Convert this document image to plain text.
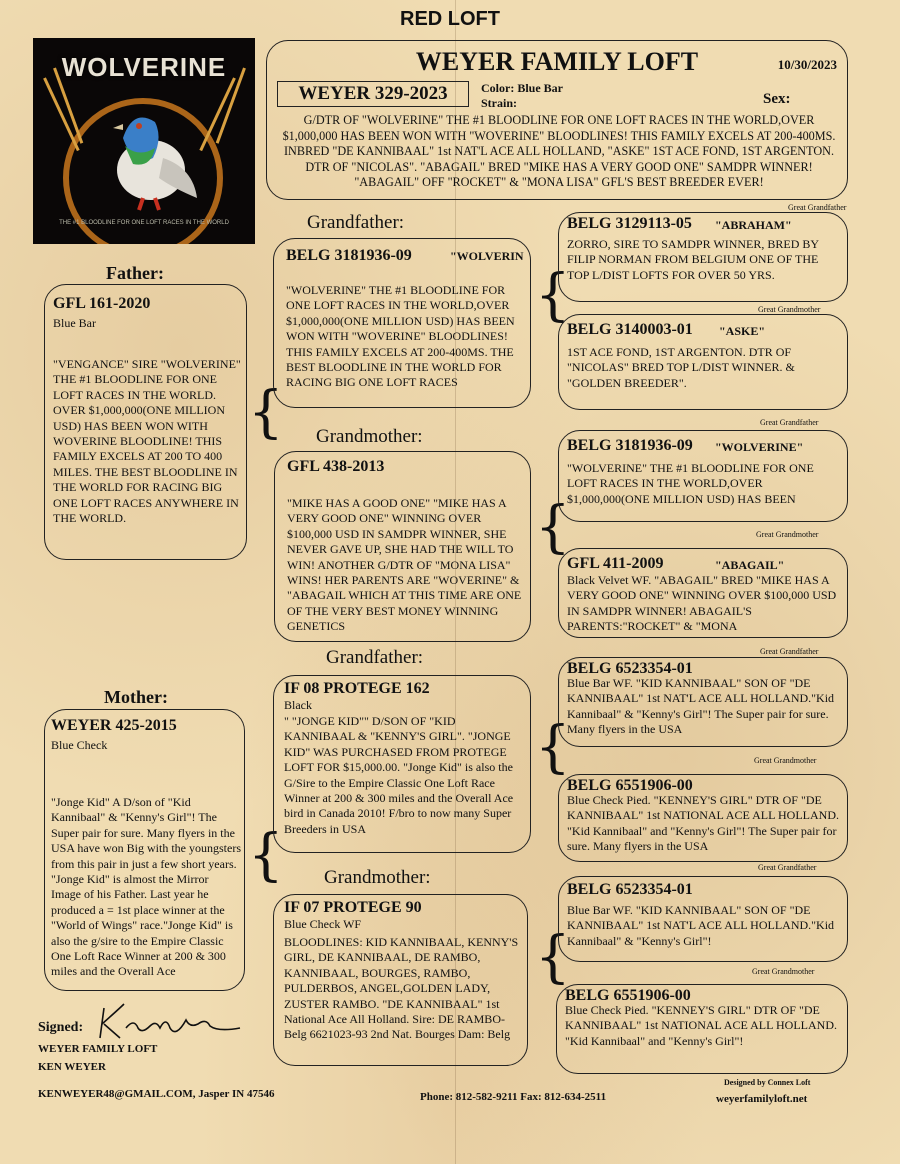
RED LOFT
WOLVERINE
THE #1 BLOODLINE FOR ONE LOFT RACES IN THE WORLD
WEYER FAMILY LOFT	10/30/2023
WEYER 329-2023	Color: Blue Bar
Strain:	Sex:
G/DTR OF "WOLVERINE" THE #1 BLOODLINE FOR ONE LOFT RACES IN THE WORLD,OVER $1,000,000 HAS BEEN WON WITH "WOVERINE" BLOODLINES! THIS FAMILY EXCELS AT 200-400MS. INBRED "DE KANNIBAAL" 1st NAT'L ACE ALL HOLLAND, "ASKE" 1ST ACE FOND, 1ST ARGENTON. DTR OF "NICOLAS". "ABAGAIL" BRED "MIKE HAS A VERY GOOD ONE" SAMDPR WINNER! "ABAGAIL" OFF "ROCKET" & "MONA LISA" GFL'S BEST BREEDER EVER!
Father:
GFL 161-2020
Blue Bar
"VENGANCE" SIRE "WOLVERINE" THE #1 BLOODLINE FOR ONE LOFT RACES IN THE WORLD. OVER $1,000,000(ONE MILLION USD) HAS BEEN WON WITH WOVERINE BLOODLINE! THIS FAMILY EXCELS AT 200 TO 400 MILES. THE BEST BLOODLINE IN THE WORLD FOR RACING BIG ONE LOFT RACES ANYWHERE IN THE WORLD.
Mother:
WEYER 425-2015
Blue Check
"Jonge Kid" A D/son of "Kid Kannibaal" & "Kenny's Girl"! The Super pair for sure. Many flyers in the USA have won Big with the youngsters from this pair in just a few short years. "Jonge Kid" is almost the Mirror Image of his Father. Last year he produced a = 1st place winner at the "World of Wings" race."Jonge Kid" is also the g/sire to the Empire Classic One Loft Race Winner at 200 & 300 miles and the Overall Ace
{
{
{
{
{
{
Grandfather:
BELG 3181936-09	"WOLVERIN
"WOLVERINE" THE #1 BLOODLINE FOR ONE LOFT RACES IN THE WORLD,OVER $1,000,000(ONE MILLION USD) HAS BEEN WON WITH "WOVERINE" BLOODLINES! THIS FAMILY EXCELS AT 200-400MS. THE BEST BLOODLINE IN THE WORLD FOR RACING BIG ONE LOFT RACES
Grandmother:
GFL 438-2013
"MIKE HAS A GOOD ONE" "MIKE HAS A VERY GOOD ONE" WINNING OVER $100,000 USD IN SAMDPR WINNER, SHE NEVER GAVE UP, SHE HAD THE WILL TO WIN! ANOTHER G/DTR OF "MONA LISA" WINS! HER PARENTS ARE "WOVERINE" & "ABAGAIL WHICH AT THIS TIME ARE ONE OF THE VERY BEST MONEY WINNING GENETICS
Grandfather:
IF 08 PROTEGE 162
Black
" "JONGE KID"" D/SON OF "KID KANNIBAAL & "KENNY'S GIRL". "JONGE KID" WAS PURCHASED FROM PROTEGE LOFT FOR $15,000.00. "Jonge Kid" is also the G/Sire to the Empire Classic One Loft Race Winner at 200 & 300 miles and the Overall Ace bird in Canada 2010! F/bro to now many Super Breeders in USA
Grandmother:
IF 07 PROTEGE 90
Blue Check WF
BLOODLINES: KID KANNIBAAL, KENNY'S GIRL, DE KANNIBAAL, DE RAMBO, KANNIBAAL, BOURGES, RAMBO, PULDERBOS, ANGEL,GOLDEN LADY, ZUSTER RAMBO. "DE KANNIBAAL" 1st National Ace All Holland. Sire: DE RAMBO-Belg 6621023-93 2nd Nat. Bourges Dam: Belg
Great Grandfather
BELG 3129113-05 "ABRAHAM"
ZORRO, SIRE TO SAMDPR WINNER, BRED BY FILIP NORMAN FROM BELGIUM ONE OF THE TOP L/DIST LOFTS FOR OVER 50 YRS.
Great Grandmother
BELG 3140003-01 "ASKE"
1ST ACE FOND, 1ST ARGENTON. DTR OF "NICOLAS" BRED TOP L/DIST WINNER. & "GOLDEN BREEDER".
Great Grandfather
BELG 3181936-09 "WOLVERINE"
"WOLVERINE" THE #1 BLOODLINE FOR ONE LOFT RACES IN THE WORLD,OVER $1,000,000(ONE MILLION USD) HAS BEEN
Great Grandmother
GFL 411-2009	"ABAGAIL"
Black Velvet WF. "ABAGAIL" BRED "MIKE HAS A VERY GOOD ONE" WINNING OVER $100,000 USD IN SAMDPR WINNER! ABAGAIL'S PARENTS:"ROCKET" & "MONA
Great Grandfather
BELG 6523354-01
Blue Bar WF. "KID KANNIBAAL" SON OF "DE KANNIBAAL" 1st NAT'L ACE ALL HOLLAND."Kid Kannibaal" & "Kenny's Girl"! The Super pair for sure. Many flyers in the USA
Great Grandmother
BELG 6551906-00
Blue Check Pied. "KENNEY'S GIRL" DTR OF "DE KANNIBAAL" 1st NATIONAL ACE ALL HOLLAND. "Kid Kannibaal" and "Kenny's Girl"! The Super pair for sure. Many flyers in the USA
Great Grandfather
BELG 6523354-01
Blue Bar WF. "KID KANNIBAAL" SON OF "DE KANNIBAAL" 1st NAT'L ACE ALL HOLLAND."Kid Kannibaal" & "Kenny's Girl"!
Great Grandmother
BELG 6551906-00
Blue Check Pied. "KENNEY'S GIRL" DTR OF "DE KANNIBAAL" 1st NATIONAL ACE ALL HOLLAND. "Kid Kannibaal" and "Kenny's Girl"!
Signed:
WEYER FAMILY LOFT
KEN WEYER
KENWEYER48@GMAIL.COM, Jasper IN 47546	Phone: 812-582-9211 Fax: 812-634-2511
Designed by Connex Loft
weyerfamilyloft.net
